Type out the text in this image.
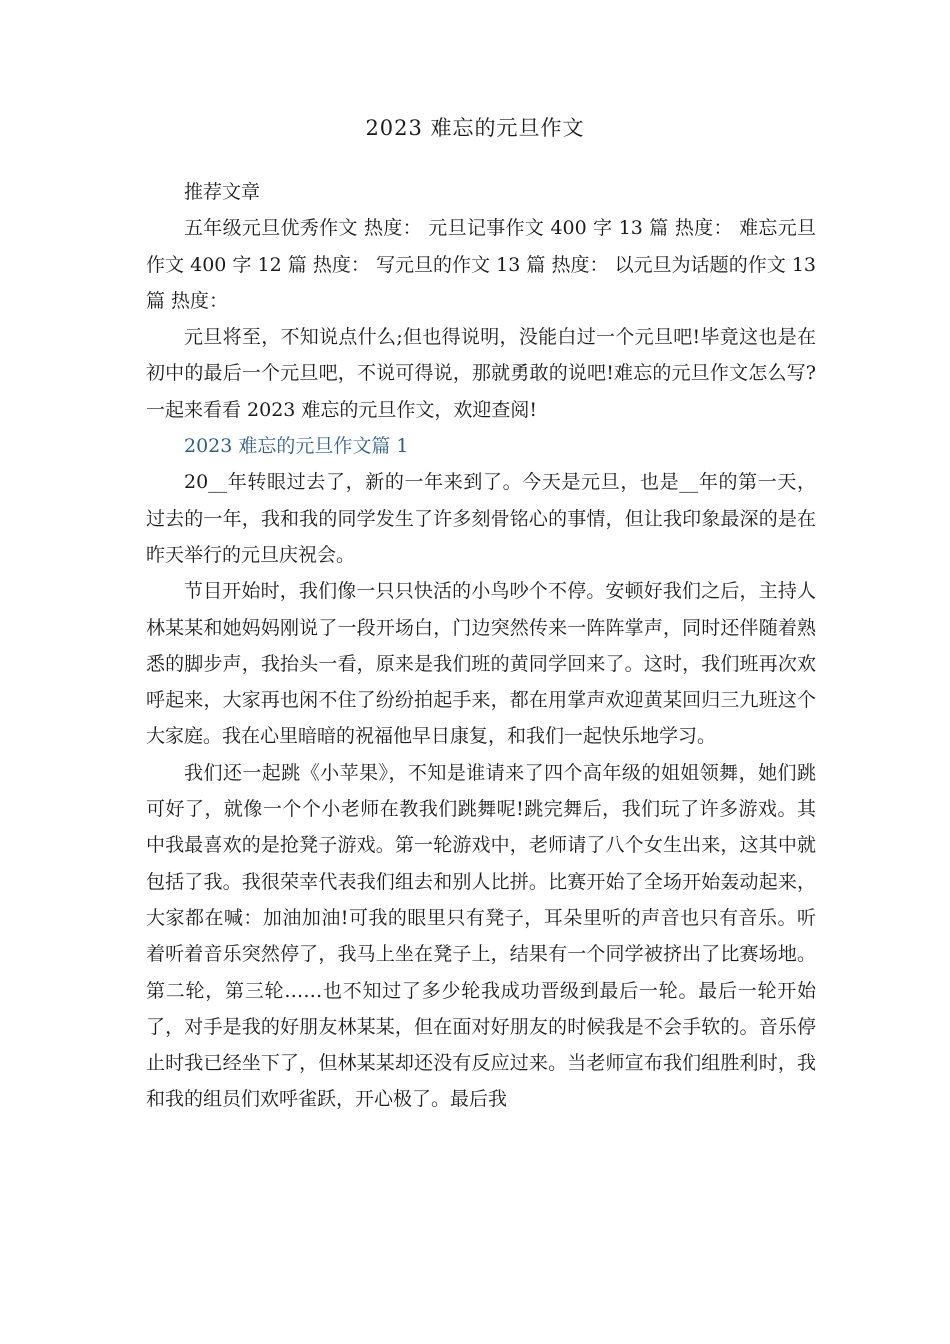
2023 难忘的元旦作文

推荐文章

五年级元旦优秀作文 热度： 元旦记事作文 400 字 13 篇 热度： 难忘元旦作文 400 字 12 篇 热度： 写元旦的作文 13 篇 热度： 以元旦为话题的作文 13 篇 热度：

元旦将至，不知说点什么;但也得说明，没能白过一个元旦吧!毕竟这也是在初中的最后一个元旦吧，不说可得说，那就勇敢的说吧!难忘的元旦作文怎么写?一起来看看 2023 难忘的元旦作文，欢迎查阅!

2023 难忘的元旦作文篇 1

20__年转眼过去了，新的一年来到了。今天是元旦，也是__年的第一天，过去的一年，我和我的同学发生了许多刻骨铭心的事情，但让我印象最深的是在昨天举行的元旦庆祝会。

节目开始时，我们像一只只快活的小鸟吵个不停。安顿好我们之后，主持人林某某和她妈妈刚说了一段开场白，门边突然传来一阵阵掌声，同时还伴随着熟悉的脚步声，我抬头一看，原来是我们班的黄同学回来了。这时，我们班再次欢呼起来，大家再也闲不住了纷纷拍起手来，都在用掌声欢迎黄某回归三九班这个大家庭。我在心里暗暗的祝福他早日康复，和我们一起快乐地学习。

我们还一起跳《小苹果》，不知是谁请来了四个高年级的姐姐领舞，她们跳可好了，就像一个个小老师在教我们跳舞呢!跳完舞后，我们玩了许多游戏。其中我最喜欢的是抢凳子游戏。第一轮游戏中，老师请了八个女生出来，这其中就包括了我。我很荣幸代表我们组去和别人比拼。比赛开始了全场开始轰动起来，大家都在喊：加油加油!可我的眼里只有凳子，耳朵里听的声音也只有音乐。听着听着音乐突然停了，我马上坐在凳子上，结果有一个同学被挤出了比赛场地。第二轮，第三轮……也不知过了多少轮我成功晋级到最后一轮。最后一轮开始了，对手是我的好朋友林某某，但在面对好朋友的时候我是不会手软的。音乐停止时我已经坐下了，但林某某却还没有反应过来。当老师宣布我们组胜利时，我和我的组员们欢呼雀跃，开心极了。最后我
